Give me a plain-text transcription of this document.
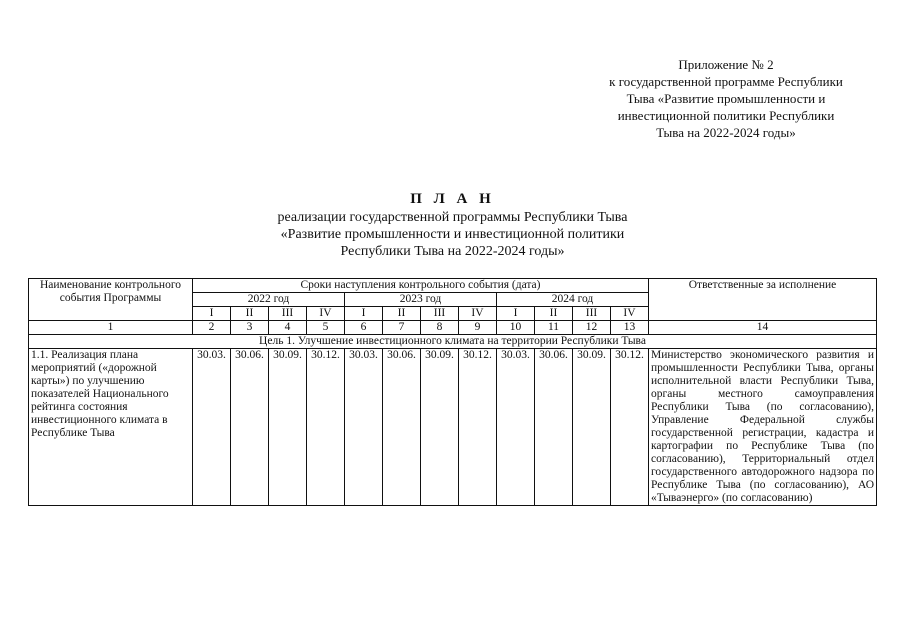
Приложение № 2
к государственной программе Республики
Тыва «Развитие промышленности и
инвестиционной политики Республики
Тыва на 2022-2024 годы»
П Л А Н
реализации государственной программы Республики Тыва
«Развитие промышленности и инвестиционной политики
Республики Тыва на 2022-2024 годы»
Наименование контрольного события Программы	Сроки наступления контрольного события (дата)												Ответственные за исполнение
	2022 год				2023 год				2024 год				
	I	II	III	IV	I	II	III	IV	I	II	III	IV	
1	2	3	4	5	6	7	8	9	10	11	12	13	14
Цель 1. Улучшение инвестиционного климата на территории Республики Тыва													
1.1. Реализация плана мероприятий («дорожной карты») по улучшению показателей Национального рейтинга состояния инвестиционного климата в Республике Тыва	30.03.	30.06.	30.09.	30.12.	30.03.	30.06.	30.09.	30.12.	30.03.	30.06.	30.09.	30.12.	Министерство экономического развития и промышленности Республики Тыва, органы исполнительной власти Республики Тыва, органы местного самоуправления Республики Тыва (по согласованию), Управление Федеральной службы государственной регистрации, кадастра и картографии по Республике Тыва (по согласованию), Территориальный отдел государственного автодорожного надзора по Республике Тыва (по согласованию), АО «Тываэнерго» (по согласованию)
